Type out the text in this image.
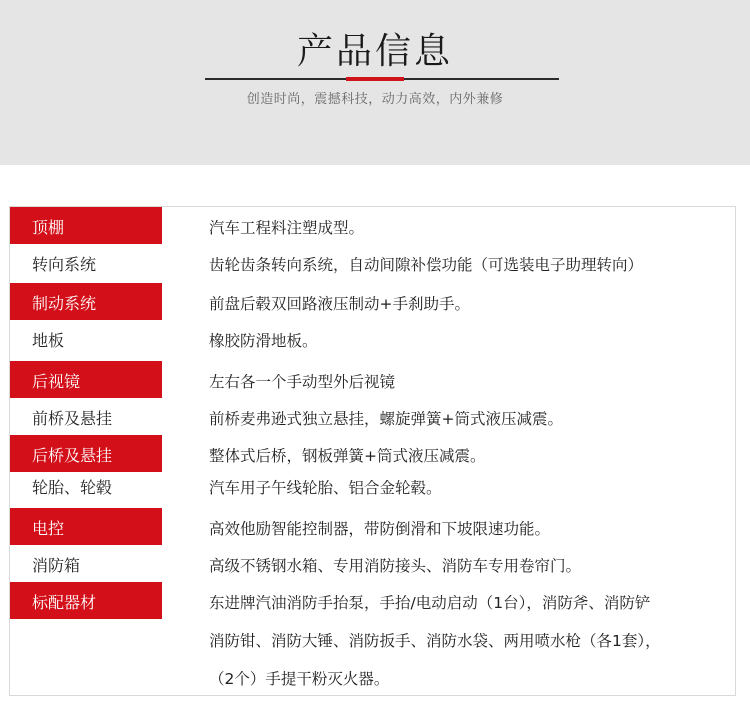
产品信息
创造时尚，震撼科技，动力高效，内外兼修
顶棚	汽车工程料注塑成型。
转向系统	齿轮齿条转向系统，自动间隙补偿功能（可选装电子助理转向）
制动系统	前盘后毂双回路液压制动+手刹助手。
地板	橡胶防滑地板。
后视镜	左右各一个手动型外后视镜
前桥及悬挂	前桥麦弗逊式独立悬挂，螺旋弹簧+筒式液压减震。
后桥及悬挂	整体式后桥，钢板弹簧+筒式液压减震。
轮胎、轮毂	汽车用子午线轮胎、铝合金轮毂。
电控	高效他励智能控制器，带防倒滑和下坡限速功能。
消防箱	高级不锈钢水箱、专用消防接头、消防车专用卷帘门。
标配器材	东进牌汽油消防手抬泵，手抬/电动启动（1台），消防斧、消防铲
消防钳、消防大锤、消防扳手、消防水袋、两用喷水枪（各1套），
（2个）手提干粉灭火器。
